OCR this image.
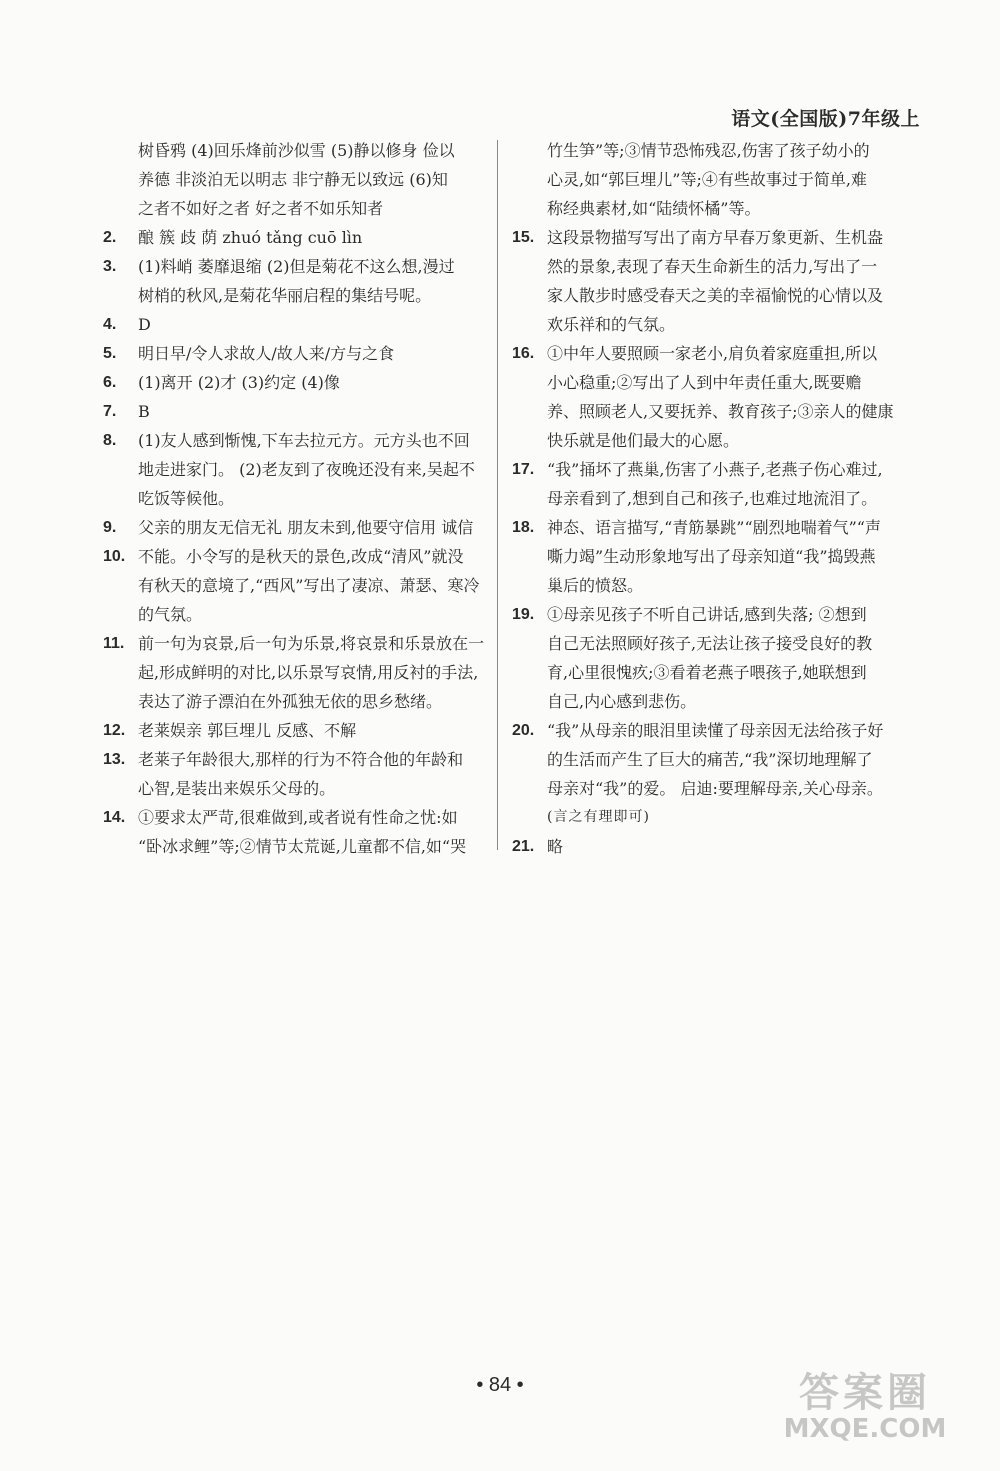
语文(全国版)7年级上
树昏鸦 (4)回乐烽前沙似雪 (5)静以修身 俭以
养德 非淡泊无以明志 非宁静无以致远 (6)知
之者不如好之者 好之者不如乐知者
2.	酿 簇 歧 荫 zhuó tǎng cuō lìn
3.	(1)料峭 萎靡退缩 (2)但是菊花不这么想,漫过
树梢的秋风,是菊花华丽启程的集结号呢。
4.	D
5.	明日早/令人求故人/故人来/方与之食
6.	(1)离开 (2)才 (3)约定 (4)像
7.	B
8.	(1)友人感到惭愧,下车去拉元方。元方头也不回
地走进家门。 (2)老友到了夜晚还没有来,吴起不
吃饭等候他。
9.	父亲的朋友无信无礼 朋友未到,他要守信用 诚信
10. 不能。小令写的是秋天的景色,改成“清风”就没
有秋天的意境了,“西风”写出了凄凉、萧瑟、寒冷
的气氛。
11. 前一句为哀景,后一句为乐景,将哀景和乐景放在一
起,形成鲜明的对比,以乐景写哀情,用反衬的手法,
表达了游子漂泊在外孤独无依的思乡愁绪。
12. 老莱娱亲 郭巨埋儿 反感、不解
13. 老莱子年龄很大,那样的行为不符合他的年龄和
心智,是装出来娱乐父母的。
14. ①要求太严苛,很难做到,或者说有性命之忧:如
“卧冰求鲤”等;②情节太荒诞,儿童都不信,如“哭
竹生笋”等;③情节恐怖残忍,伤害了孩子幼小的
心灵,如“郭巨埋儿”等;④有些故事过于简单,难
称经典素材,如“陆绩怀橘”等。
15. 这段景物描写写出了南方早春万象更新、生机盎
然的景象,表现了春天生命新生的活力,写出了一
家人散步时感受春天之美的幸福愉悦的心情以及
欢乐祥和的气氛。
16. ①中年人要照顾一家老小,肩负着家庭重担,所以
小心稳重;②写出了人到中年责任重大,既要赡
养、照顾老人,又要抚养、教育孩子;③亲人的健康
快乐就是他们最大的心愿。
17. “我”捅坏了燕巢,伤害了小燕子,老燕子伤心难过,
母亲看到了,想到自己和孩子,也难过地流泪了。
18. 神态、语言描写,“青筋暴跳”“剧烈地喘着气”“声
嘶力竭”生动形象地写出了母亲知道“我”捣毁燕
巢后的愤怒。
19. ①母亲见孩子不听自己讲话,感到失落; ②想到
自己无法照顾好孩子,无法让孩子接受良好的教
育,心里很愧疚;③看着老燕子喂孩子,她联想到
自己,内心感到悲伤。
20. “我”从母亲的眼泪里读懂了母亲因无法给孩子好
的生活而产生了巨大的痛苦,“我”深切地理解了
母亲对“我”的爱。 启迪:要理解母亲,关心母亲。
(言之有理即可)
21. 略
• 84 •	答案圈
MXQE.COM
